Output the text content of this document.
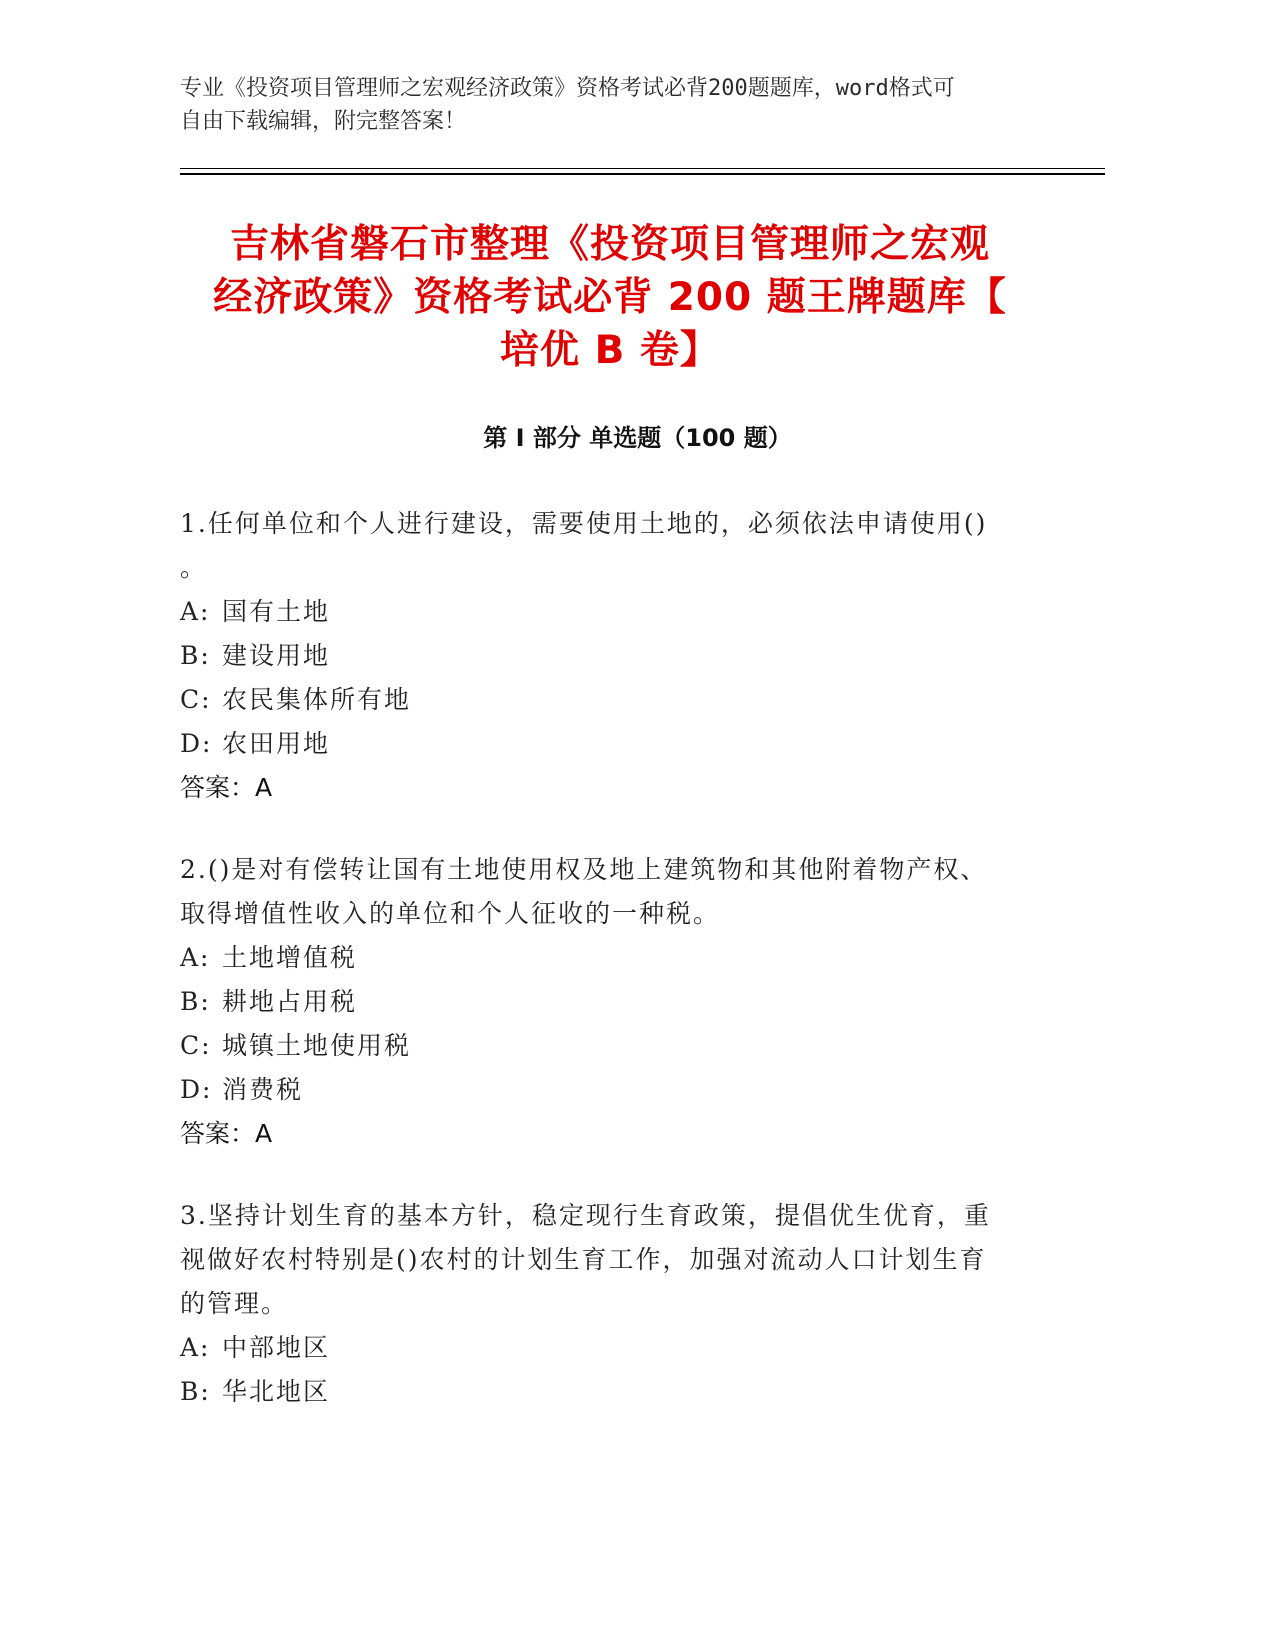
专业《投资项目管理师之宏观经济政策》资格考试必背200题题库，word格式可
自由下载编辑，附完整答案！
吉林省磐石市整理《投资项目管理师之宏观
经济政策》资格考试必背 200 题王牌题库【
培优 B 卷】
第 I 部分 单选题（100 题）
1.任何单位和个人进行建设，需要使用土地的，必须依法申请使用()
。
A: 国有土地
B: 建设用地
C: 农民集体所有地
D: 农田用地
答案：A
2.()是对有偿转让国有土地使用权及地上建筑物和其他附着物产权、
取得增值性收入的单位和个人征收的一种税。
A: 土地增值税
B: 耕地占用税
C: 城镇土地使用税
D: 消费税
答案：A
3.坚持计划生育的基本方针，稳定现行生育政策，提倡优生优育，重
视做好农村特别是()农村的计划生育工作，加强对流动人口计划生育
的管理。
A: 中部地区
B: 华北地区
